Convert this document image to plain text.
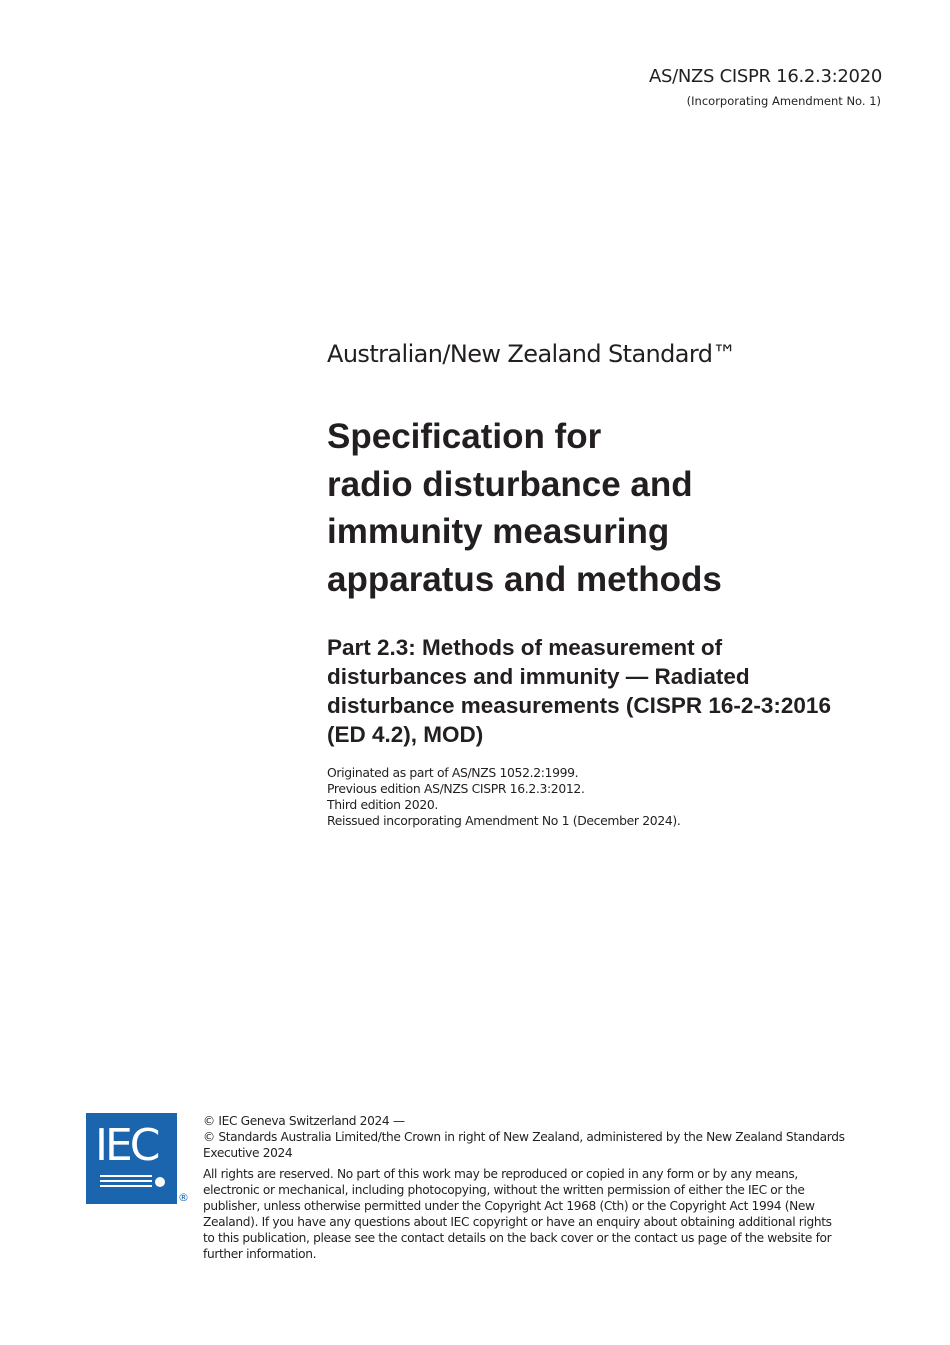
AS/NZS CISPR 16.2.3:2020
(Incorporating Amendment No. 1)
Australian/New Zealand Standard™
Specification for
radio disturbance and
immunity measuring
apparatus and methods
Part 2.3: Methods of measurement of
disturbances and immunity — Radiated
disturbance measurements (CISPR 16-2-3:2016
(ED 4.2), MOD)
Originated as part of AS/NZS 1052.2:1999.
Previous edition AS/NZS CISPR 16.2.3:2012.
Third edition 2020.
Reissued incorporating Amendment No 1 (December 2024).
IEC
®
© IEC Geneva Switzerland 2024 —
© Standards Australia Limited/the Crown in right of New Zealand, administered by the New Zealand Standards
Executive 2024
All rights are reserved. No part of this work may be reproduced or copied in any form or by any means,
electronic or mechanical, including photocopying, without the written permission of either the IEC or the
publisher, unless otherwise permitted under the Copyright Act 1968 (Cth) or the Copyright Act 1994 (New
Zealand). If you have any questions about IEC copyright or have an enquiry about obtaining additional rights
to this publication, please see the contact details on the back cover or the contact us page of the website for
further information.
